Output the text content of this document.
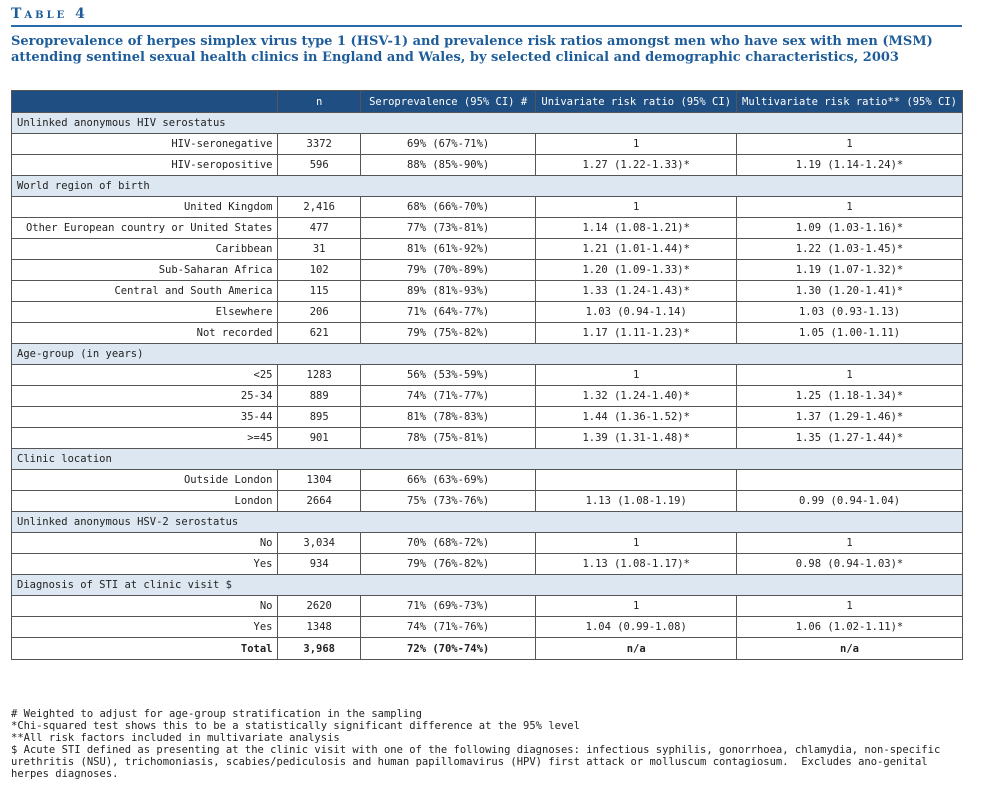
Table 4
Seroprevalence of herpes simplex virus type 1 (HSV-1) and prevalence risk ratios amongst men who have sex with men (MSM) attending sentinel sexual health clinics in England and Wales, by selected clinical and demographic characteristics, 2003
	n	Seroprevalence (95% CI) #	Univariate risk ratio (95% CI)	Multivariate risk ratio** (95% CI)
Unlinked anonymous HIV serostatus				
HIV-seronegative	3372	69% (67%-71%)	1	1
HIV-seropositive	596	88% (85%-90%)	1.27 (1.22-1.33)*	1.19 (1.14-1.24)*
World region of birth				
United Kingdom	2,416	68% (66%-70%)	1	1
Other European country or United States	477	77% (73%-81%)	1.14 (1.08-1.21)*	1.09 (1.03-1.16)*
Caribbean	31	81% (61%-92%)	1.21 (1.01-1.44)*	1.22 (1.03-1.45)*
Sub-Saharan Africa	102	79% (70%-89%)	1.20 (1.09-1.33)*	1.19 (1.07-1.32)*
Central and South America	115	89% (81%-93%)	1.33 (1.24-1.43)*	1.30 (1.20-1.41)*
Elsewhere	206	71% (64%-77%)	1.03 (0.94-1.14)	1.03 (0.93-1.13)
Not recorded	621	79% (75%-82%)	1.17 (1.11-1.23)*	1.05 (1.00-1.11)
Age-group (in years)				
<25	1283	56% (53%-59%)	1	1
25-34	889	74% (71%-77%)	1.32 (1.24-1.40)*	1.25 (1.18-1.34)*
35-44	895	81% (78%-83%)	1.44 (1.36-1.52)*	1.37 (1.29-1.46)*
>=45	901	78% (75%-81%)	1.39 (1.31-1.48)*	1.35 (1.27-1.44)*
Clinic location				
Outside London	1304	66% (63%-69%)		
London	2664	75% (73%-76%)	1.13 (1.08-1.19)	0.99 (0.94-1.04)
Unlinked anonymous HSV-2 serostatus				
No	3,034	70% (68%-72%)	1	1
Yes	934	79% (76%-82%)	1.13 (1.08-1.17)*	0.98 (0.94-1.03)*
Diagnosis of STI at clinic visit $				
No	2620	71% (69%-73%)	1	1
Yes	1348	74% (71%-76%)	1.04 (0.99-1.08)	1.06 (1.02-1.11)*
Total	3,968	72% (70%-74%)	n/a	n/a
# Weighted to adjust for age-group stratification in the sampling
*Chi-squared test shows this to be a statistically significant difference at the 95% level
**All risk factors included in multivariate analysis
$ Acute STI defined as presenting at the clinic visit with one of the following diagnoses: infectious syphilis, gonorrhoea, chlamydia, non-specific urethritis (NSU), trichomoniasis, scabies/pediculosis and human papillomavirus (HPV) first attack or molluscum contagiosum.  Excludes ano-genital herpes diagnoses.
